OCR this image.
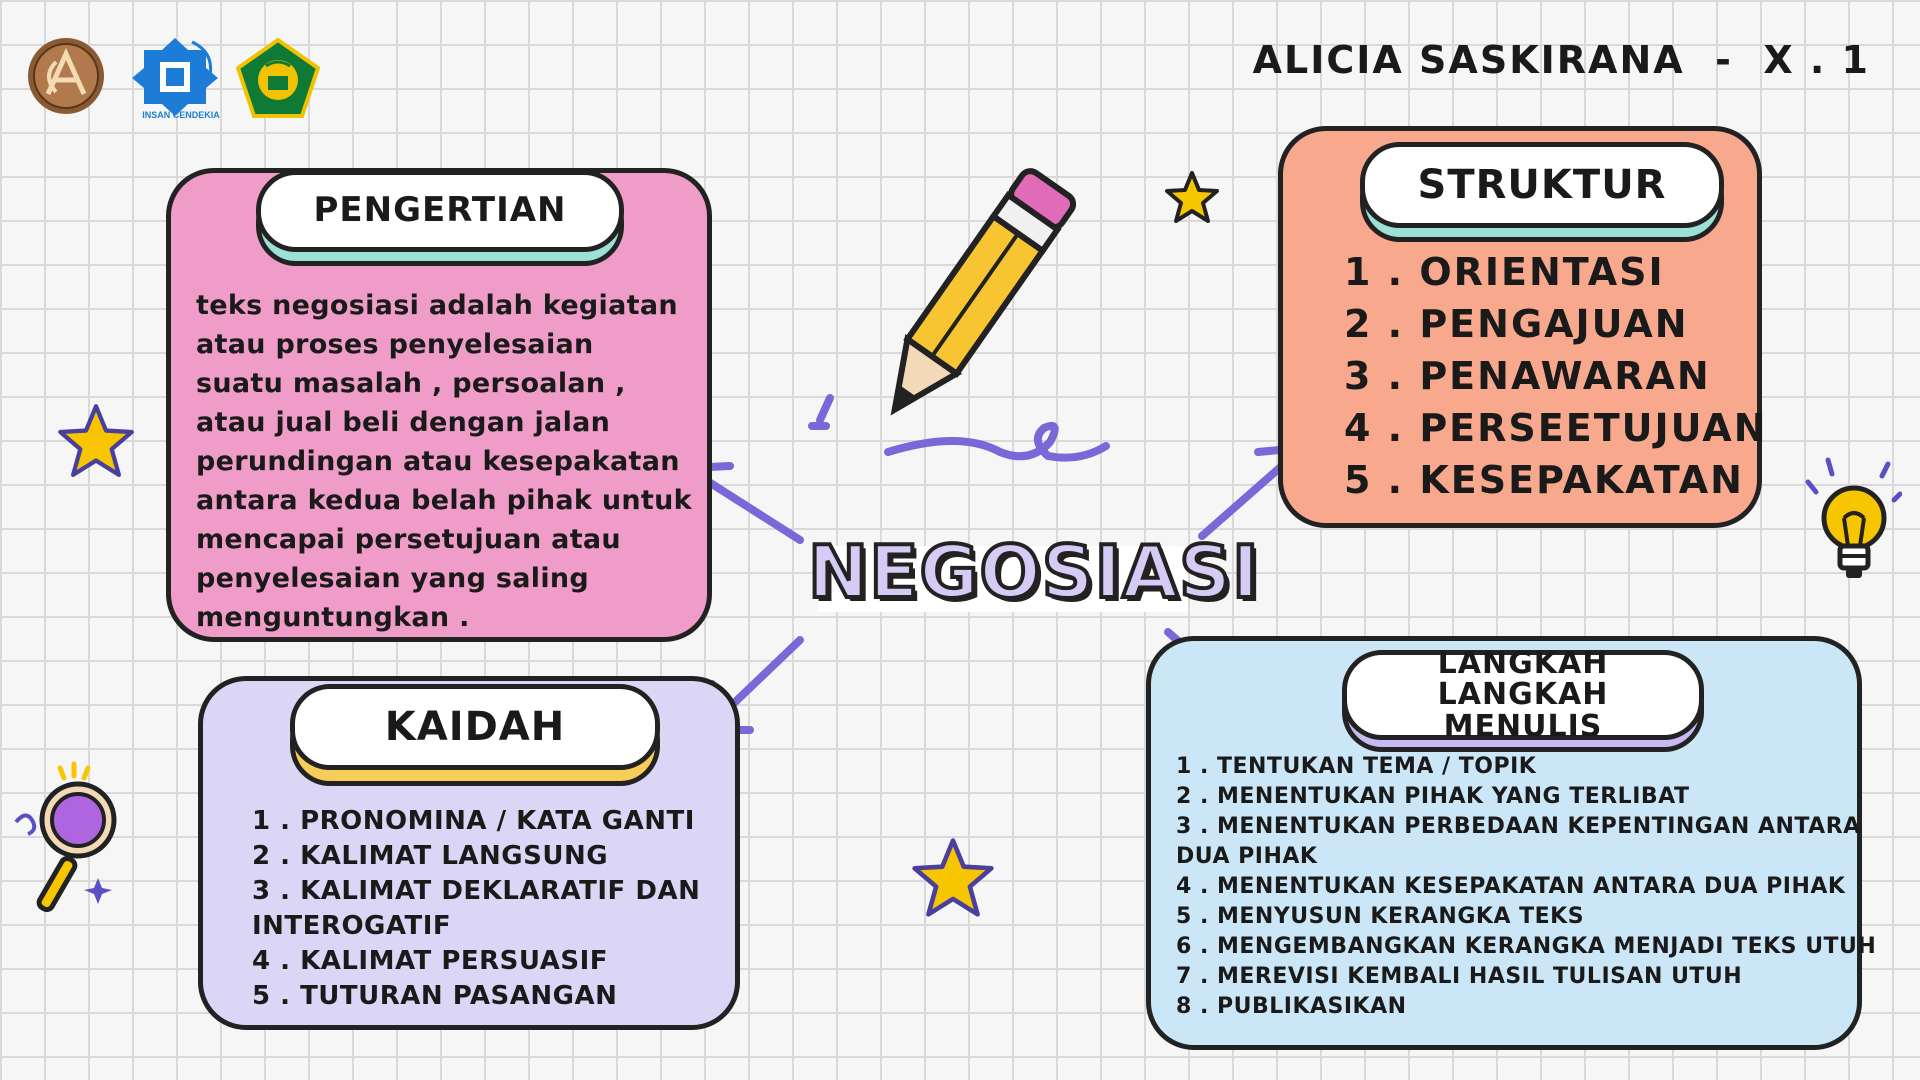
INSAN CENDEKIA
ALICIA SASKIRANA  -  X . 1
PENGERTIAN
teks negosiasi adalah kegiatan
atau proses penyelesaian
suatu masalah , persoalan ,
atau jual beli dengan jalan
perundingan atau kesepakatan
antara kedua belah pihak untuk
mencapai persetujuan atau
penyelesaian yang saling
menguntungkan .
STRUKTUR
1 . ORIENTASI
2 . PENGAJUAN
3 . PENAWARAN
4 . PERSEETUJUAN
5 . KESEPAKATAN
KAIDAH
1 . PRONOMINA / KATA GANTI
2 . KALIMAT LANGSUNG
3 . KALIMAT DEKLARATIF DAN
INTEROGATIF
4 . KALIMAT PERSUASIF
5 . TUTURAN PASANGAN
LANGKAH LANGKAH
MENULIS
1 . TENTUKAN TEMA / TOPIK
2 . MENENTUKAN PIHAK YANG TERLIBAT
3 . MENENTUKAN PERBEDAAN KEPENTINGAN ANTARA
DUA PIHAK
4 . MENENTUKAN KESEPAKATAN ANTARA DUA PIHAK
5 . MENYUSUN KERANGKA TEKS
6 . MENGEMBANGKAN KERANGKA MENJADI TEKS UTUH
7 . MEREVISI KEMBALI HASIL TULISAN UTUH
8 . PUBLIKASIKAN
NEGOSIASI
